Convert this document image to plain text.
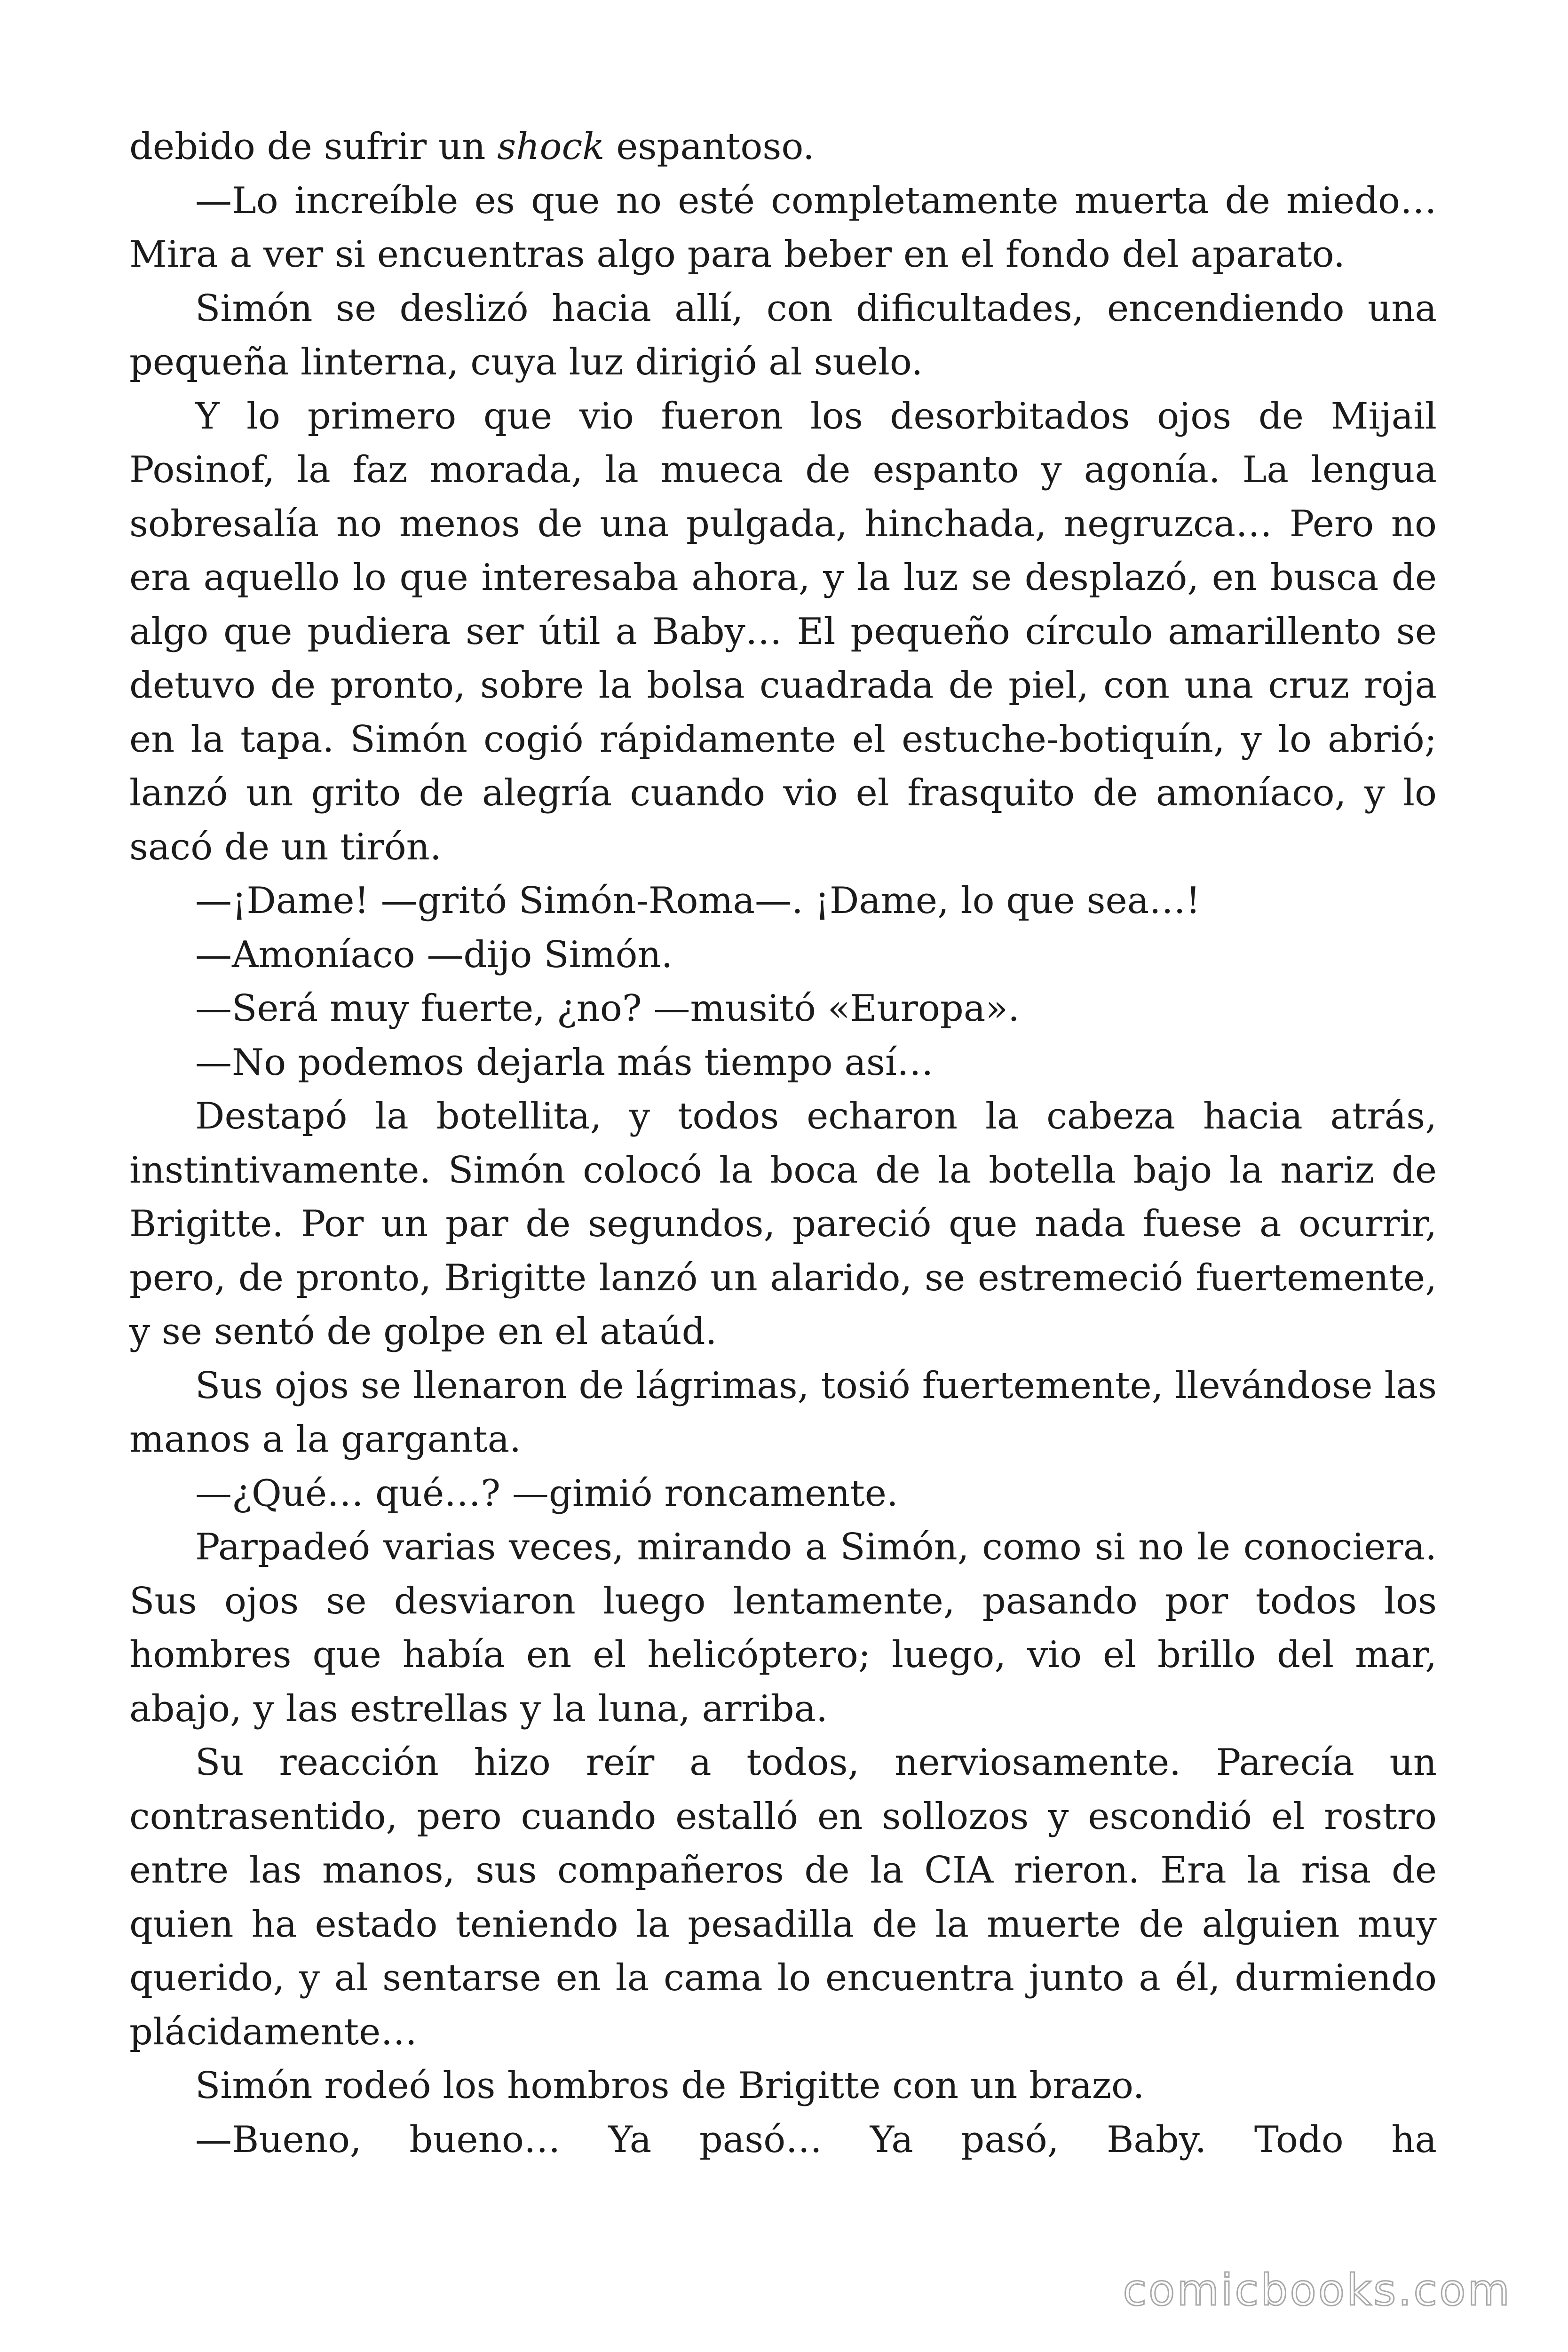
debido de sufrir un shock espantoso.

—Lo increíble es que no esté completamente muerta de miedo… Mira a ver si encuentras algo para beber en el fondo del aparato.

Simón se deslizó hacia allí, con dificultades, encendiendo una pequeña linterna, cuya luz dirigió al suelo.

Y lo primero que vio fueron los desorbitados ojos de Mijail Posinof, la faz morada, la mueca de espanto y agonía. La lengua sobresalía no menos de una pulgada, hinchada, negruzca… Pero no era aquello lo que interesaba ahora, y la luz se desplazó, en busca de algo que pudiera ser útil a Baby… El pequeño círculo amarillento se detuvo de pronto, sobre la bolsa cuadrada de piel, con una cruz roja en la tapa. Simón cogió rápidamente el estuche-botiquín, y lo abrió; lanzó un grito de alegría cuando vio el frasquito de amoníaco, y lo sacó de un tirón.

—¡Dame! —gritó Simón-Roma—. ¡Dame, lo que sea…!

—Amoníaco —dijo Simón.

—Será muy fuerte, ¿no? —musitó «Europa».

—No podemos dejarla más tiempo así…

Destapó la botellita, y todos echaron la cabeza hacia atrás, instintivamente. Simón colocó la boca de la botella bajo la nariz de Brigitte. Por un par de segundos, pareció que nada fuese a ocurrir, pero, de pronto, Brigitte lanzó un alarido, se estremeció fuertemente, y se sentó de golpe en el ataúd.

Sus ojos se llenaron de lágrimas, tosió fuertemente, llevándose las manos a la garganta.

—¿Qué… qué…? —gimió roncamente.

Parpadeó varias veces, mirando a Simón, como si no le conociera. Sus ojos se desviaron luego lentamente, pasando por todos los hombres que había en el helicóptero; luego, vio el brillo del mar, abajo, y las estrellas y la luna, arriba.

Su reacción hizo reír a todos, nerviosamente. Parecía un contrasentido, pero cuando estalló en sollozos y escondió el rostro entre las manos, sus compañeros de la CIA rieron. Era la risa de quien ha estado teniendo la pesadilla de la muerte de alguien muy querido, y al sentarse en la cama lo encuentra junto a él, durmiendo plácidamente…

Simón rodeó los hombros de Brigitte con un brazo.

—Bueno, bueno… Ya pasó… Ya pasó, Baby. Todo ha

comicbooks.com
